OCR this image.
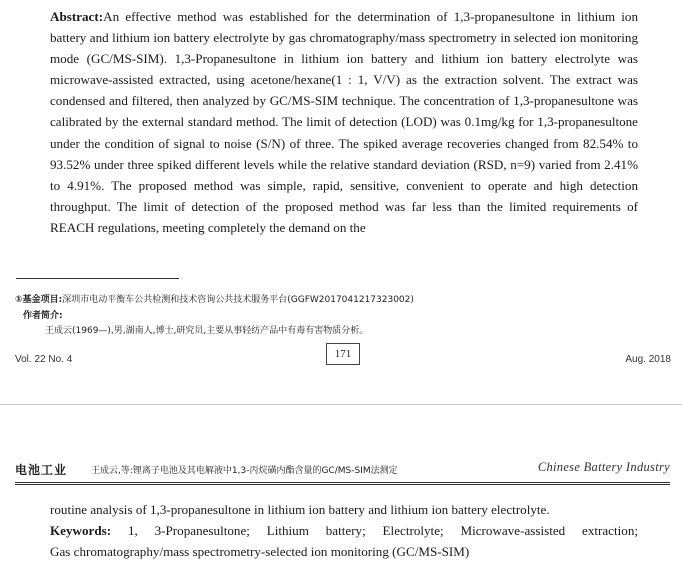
Abstract:An effective method was established for the determination of 1,3-propanesultone in lithium ion battery and lithium ion battery electrolyte by gas chromatography/mass spectrometry in selected ion monitoring mode (GC/MS-SIM). 1,3-Propanesultone in lithium ion battery and lithium ion battery electrolyte was microwave-assisted extracted, using acetone/hexane(1 : 1, V/V) as the extraction solvent. The extract was condensed and filtered, then analyzed by GC/MS-SIM technique. The concentration of 1,3-propanesultone was calibrated by the external standard method. The limit of detection (LOD) was 0.1mg/kg for 1,3-propanesultone under the condition of signal to noise (S/N) of three. The spiked average recoveries changed from 82.54% to 93.52% under three spiked different levels while the relative standard deviation (RSD, n=9) varied from 2.41% to 4.91%. The proposed method was simple, rapid, sensitive, convenient to operate and high detection throughput. The limit of detection of the proposed method was far less than the limited requirements of REACH regulations, meeting completely the demand on the

①基金项目:深圳市电动平衡车公共检测和技术咨询公共技术服务平台(GGFW2017041217323002)
作者简介:
王成云(1969—),男,湖南人,博士,研究员,主要从事轻纺产品中有毒有害物质分析。
Vol. 22 No. 4	171	Aug. 2018
电池工业	王成云,等:锂离子电池及其电解液中1,3-丙烷磺内酯含量的GC/MS-SIM法测定	Chinese Battery Industry
routine analysis of 1,3-propanesultone in lithium ion battery and lithium ion battery electrolyte.
Keywords: 1, 3-Propanesultone; Lithium battery; Electrolyte; Microwave-assisted extraction;
Gas chromatography/mass spectrometry-selected ion monitoring (GC/MS-SIM)
